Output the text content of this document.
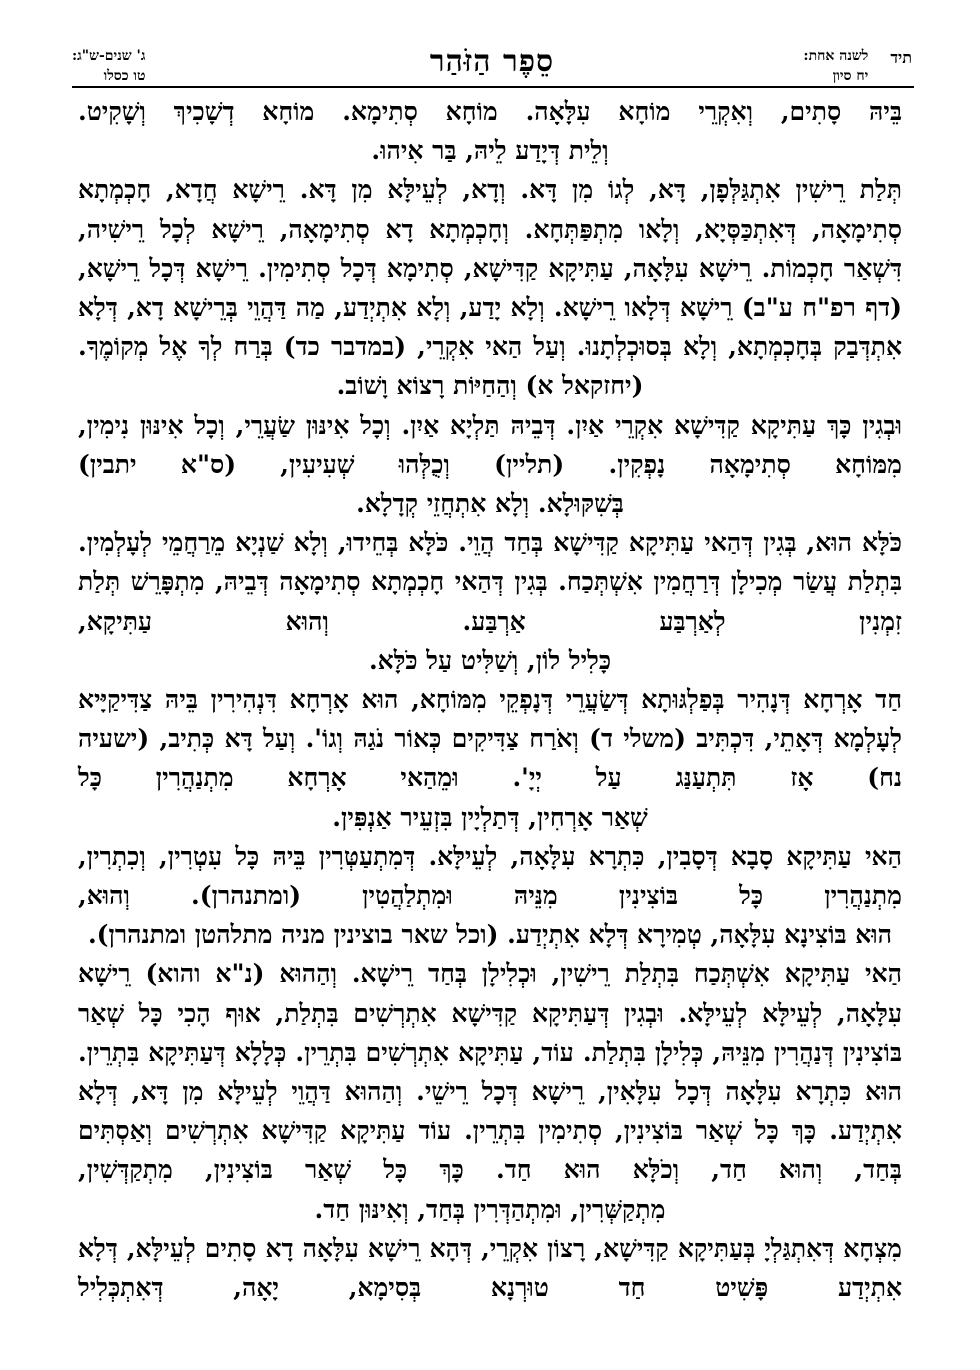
תיד
לשנה אחת:
יח סיון
סֵפֶר הַזֹּהַר
ג' שנים-ש"ג:
טו כסלו
בֵּיהּ סָתִים, וְאִקְרֵי מוֹחָא עִלָּאָה. מוֹחָא סְתִימָא. מוֹחָא דְשָׁכִיךְ וְשָׁקִיט.
וְלֵית דְּיָדַע לֵיהּ, בַּר אִיהוּ.
תְּלַת רֵישִׁין אִתְגַּלְּפָן, דָּא, לְגוֹ מִן דָּא. וְדָא, לְעֵילָּא מִן דָּא. רֵישָׁא חֲדָא, חָכְמְתָא סְתִימָאָה, דְּאִתְכַּסְּיָא, וְלָאו מִתְפַּתְּחָא. וְחָכְמְתָא דָא סְתִימָאָה, רֵישָׁא לְכָל רֵישִׁיה, דִּשְׁאַר חָכְמוֹת. רֵישָׁא עִלָּאָה, עַתִּיקָא קַדִּישָׁא, סְתִימָא דְּכָל סְתִימִין. רֵישָׁא דְּכָל רֵישָׁא, (דף רפ"ח ע"ב) רֵישָׁא דְּלָאו רֵישָׁא. וְלָא יָדַע, וְלָא אִתְיְדַע, מַה דַּהֲוֵי בְּרֵישָׁא דָא, דְּלָא אִתְדְּבַק בְּחָכְמְתָא, וְלָא בְּסוּכְלְתָנוּ. וְעַל הַאי אִקְרֵי, (במדבר כד) בְּרַח לְךָ אֶל מְקוֹמֶךָ.
(יחזקאל א) וְהַחַיּוֹת רָצוֹא וָשׁוֹב.
וּבְגִין כָּךְ עַתִּיקָא קַדִּישָׁא אִקְרֵי אַיִן. דְּבֵיהּ תַּלְיָא אַיִן. וְכָל אִינּוּן שַׂעֲרֵי, וְכָל אִינּוּן נִימִין, מִמּוֹחָא סְתִימָאָה נָפְקִין. (תליין) וְכֻלְּהוּ שְׁעִיעִין, (ס"א יתבין)
בְּשִׁקּוּלָא. וְלָא אִתְחֲזֵי קְדָלָא.
כֹּלָּא הוּא, בְּגִין דְּהַאי עַתִּיקָא קַדִּישָׁא בְּחַד הֲוֵי. כֹּלָּא בְּחֵידוּ, וְלָא שַׁנְיָא מֵרַחֲמֵי לְעָלְמִין. בִּתְלַת עֲשַׂר מְכִילָן דְּרַחֲמִין אִשְׁתְּכַח. בְּגִין דְּהַאי חָכְמְתָא סְתִימָאָה דְּבֵיהּ, מִתְפָּרֵשׁ תְּלַת זִמְנִין לְאַרְבַּע אַרְבַּע. וְהוּא עַתִּיקָא,
כָּלִיל לוֹן, וְשַׁלִּיט עַל כֹּלָּא.
חַד אָרְחָא דְּנָהִיר בְּפַלְגּוּתָא דְּשַׂעֲרֵי דְּנָפְקֵי מִמּוֹחָא, הוּא אָרְחָא דִּנְהִירִין בֵּיהּ צַדִּיקַיָּיא לְעָלְמָא דְּאָתֵי, דִּכְתִּיב (משלי ד) וְאֹרַח צַדִּיקִים כְּאוֹר נֹגַהּ וְגוֹ'. וְעַל דָּא כְּתִיב, (ישעיה נח) אָז תִּתְעַנַּג עַל יְיָ'. וּמֵהַאי אָרְחָא מִתְנַהֲרִין כָּל
שְׁאַר אָרְחִין, דְּתַלְיָין בִּזְעֵיר אַנְפִּין.
הַאי עַתִּיקָא סָבָא דְּסָבִין, כִּתְרָא עִלָּאָה, לְעֵילָּא. דְּמִתְעַטְּרִין בֵּיהּ כָּל עִטְרִין, וְכִתְרִין, מִתְנַהֲרִין כָּל בּוֹצִינִין מִנֵּיהּ וּמִתְלַהֲטִין (ומתנהרן). וְהוּא,
הוּא בּוֹצִינָא עִלָּאָה, טְמִירָא דְּלָא אִתְיְדַע. (וכל שאר בוצינין מניה מתלהטן ומתנהרן).
הַאי עַתִּיקָא אִשְׁתְּכַח בִּתְלַת רֵישִׁין, וּכְלִילָן בְּחַד רֵישָׁא. וְהַהוּא (נ"א והוא) רֵישָׁא עִלָּאָה, לְעֵילָּא לְעֵילָּא. וּבְגִין דְּעַתִּיקָא קַדִּישָׁא אִתְרְשִׁים בִּתְלַת, אוּף הָכִי כָּל שְׁאַר בּוֹצִינִין דְּנַהֲרִין מִנֵּיהּ, כְּלִילָן בִּתְלַת. עוֹד, עַתִּיקָא אִתְרְשִׁים בִּתְרֵין. כְּלָלָא דְּעַתִּיקָא בִּתְרֵין. הוּא כִּתְרָא עִלָּאָה דְּכָל עִלָּאִין, רֵישָׁא דְּכָל רֵישֵׁי. וְהַהוּא דַּהֲוֵי לְעֵילָּא מִן דָּא, דְּלָא אִתְיְדַע. כָּךְ כָּל שְׁאַר בּוֹצִינִין, סְתִימִין בִּתְרֵין. עוֹד עַתִּיקָא קַדִּישָׁא אִתְרְשִׁים וְאַסְתִּים בְּחַד, וְהוּא חַד, וְכֹלָּא הוּא חַד. כָּךְ כָּל שְׁאַר בּוֹצִינִין, מִתְקַדְּשִׁין,
מִתְקַשְּׁרִין, וּמִתְהַדְּרִין בְּחַד, וְאִינּוּן חַד.
מִצְחָא דְּאִתְגַּלְיָ בְּעַתִּיקָא קַדִּישָׁא, רָצוֹן אִקְרֵי, דְּהָא רֵישָׁא עִלָּאָה דָא סָתִים לְעֵילָּא, דְּלָא אִתְיְדַע פָּשִׁיט חַד טוּרְנָא בְּסִימָא, יָאָה, דְּאִתְכְּלִיל
